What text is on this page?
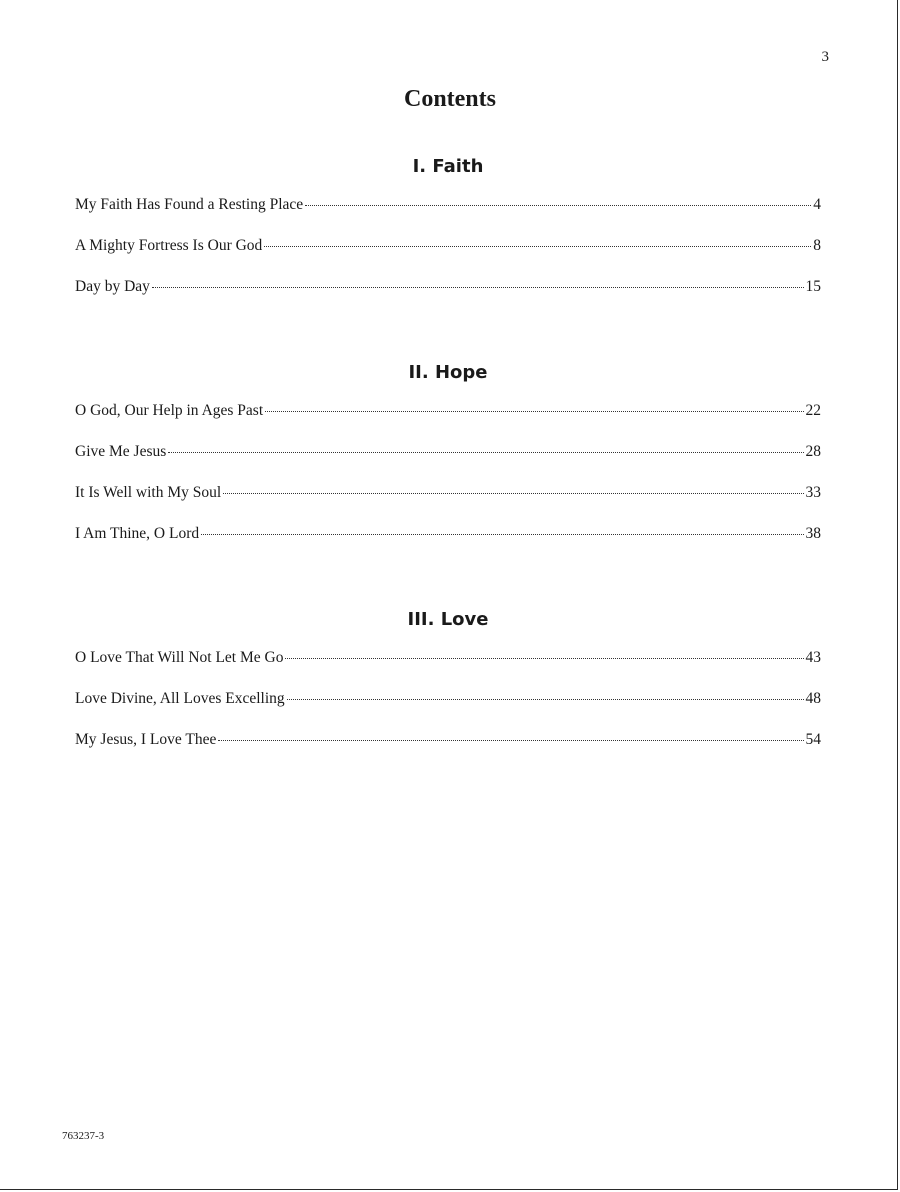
3
Contents
I. Faith
My Faith Has Found a Resting Place	4
A Mighty Fortress Is Our God	8
Day by Day	15
II. Hope
O God, Our Help in Ages Past	22
Give Me Jesus	28
It Is Well with My Soul	33
I Am Thine, O Lord	38
III. Love
O Love That Will Not Let Me Go	43
Love Divine, All Loves Excelling	48
My Jesus, I Love Thee	54
763237-3
